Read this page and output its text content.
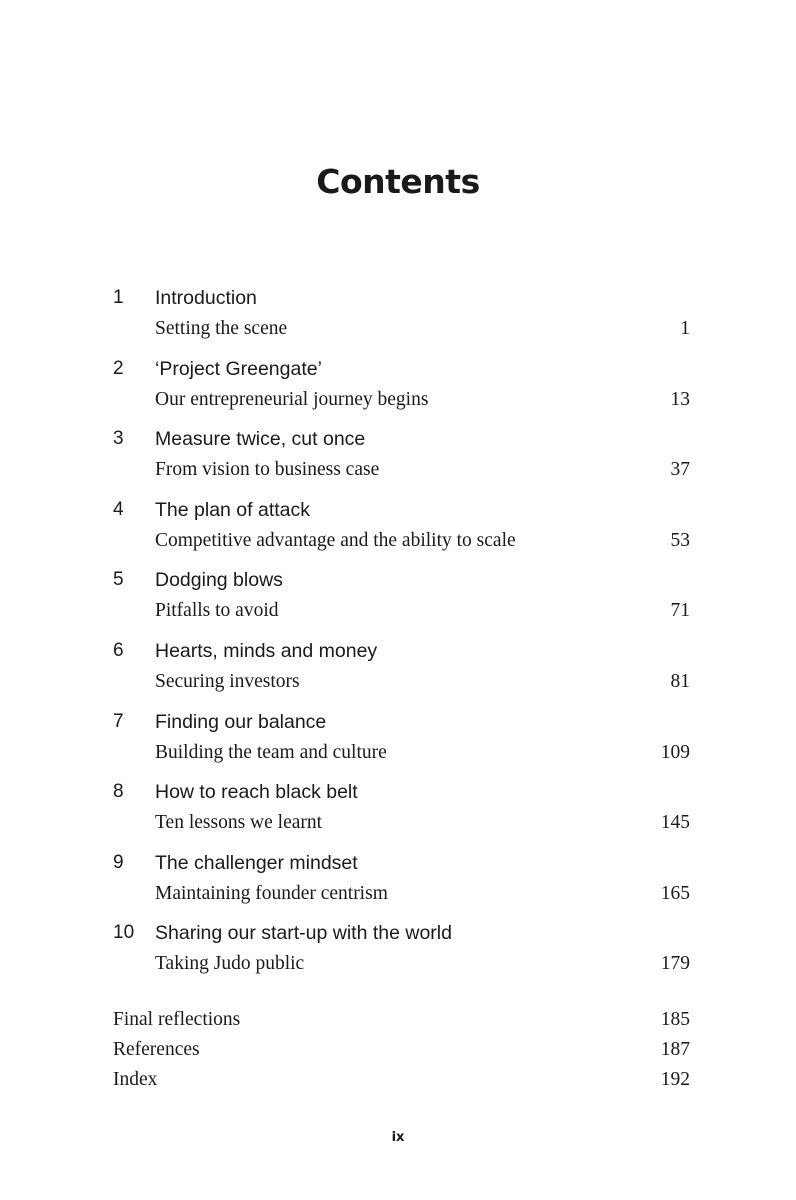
Contents
1 Introduction
Setting the scene	1
2 ‘Project Greengate’
Our entrepreneurial journey begins	13
3 Measure twice, cut once
From vision to business case	37
4 The plan of attack
Competitive advantage and the ability to scale	53
5 Dodging blows
Pitfalls to avoid	71
6 Hearts, minds and money
Securing investors	81
7 Finding our balance
Building the team and culture	109
8 How to reach black belt
Ten lessons we learnt	145
9 The challenger mindset
Maintaining founder centrism	165
10 Sharing our start-up with the world
Taking Judo public	179
Final reflections	185
References	187
Index	192
ix
